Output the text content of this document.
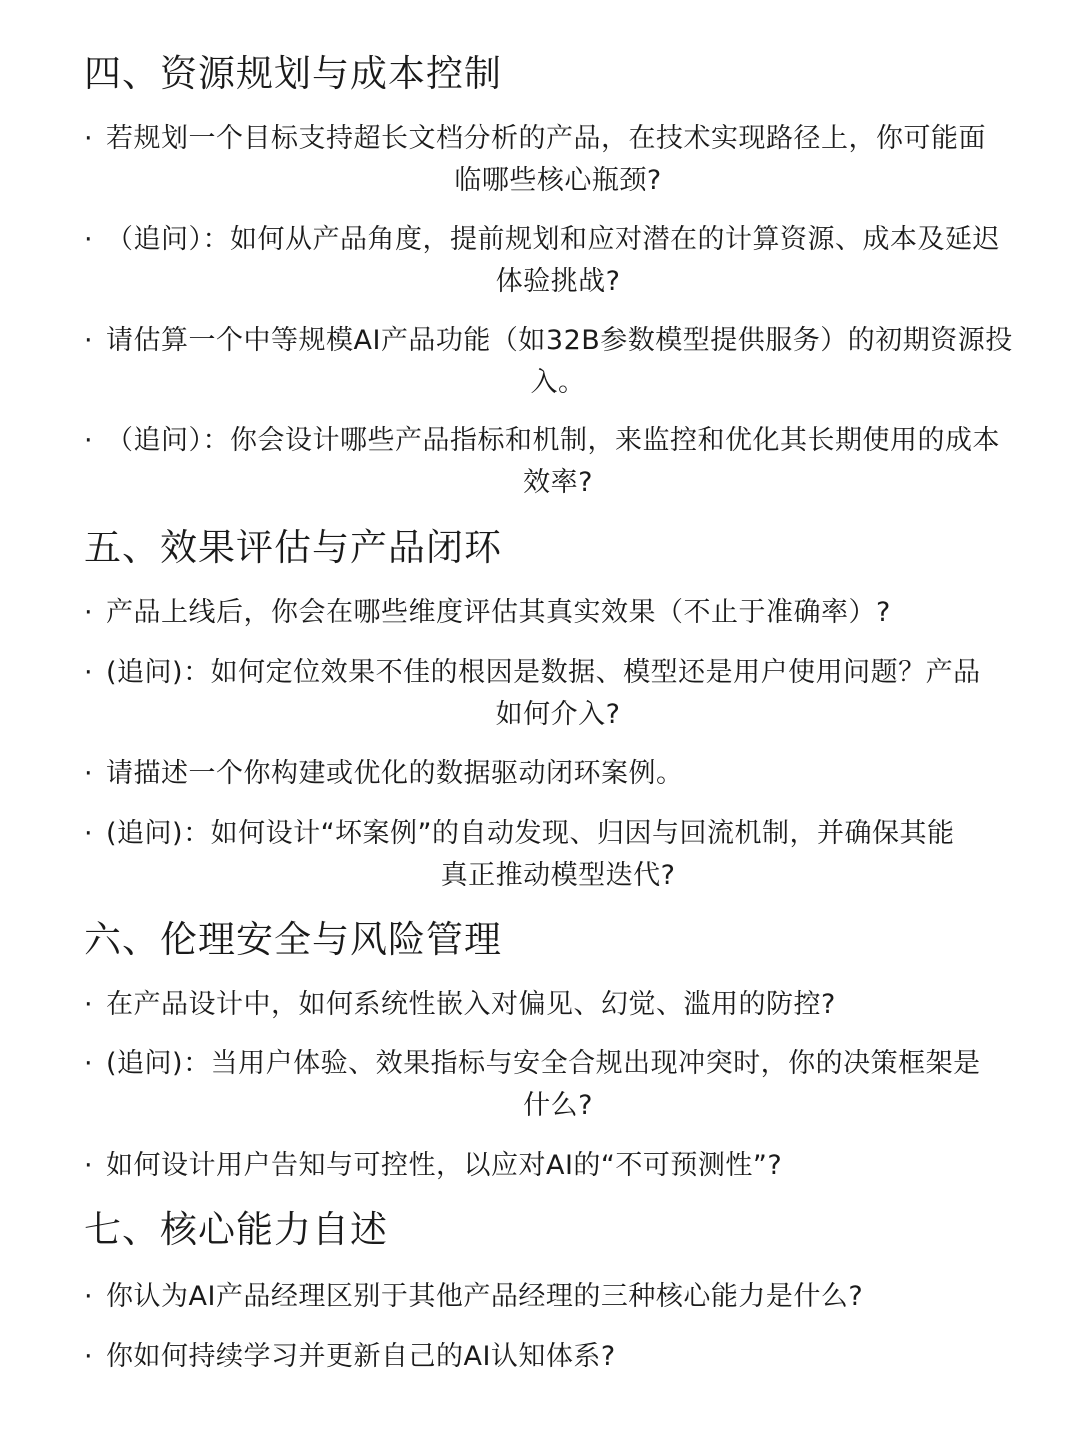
四、资源规划与成本控制
· 若规划一个目标支持超长文档分析的产品，在技术实现路径上，你可能面
临哪些核心瓶颈?
· （追问）：如何从产品角度，提前规划和应对潜在的计算资源、成本及延迟
体验挑战?
· 请估算一个中等规模AI产品功能（如32B参数模型提供服务）的初期资源投
入。
· （追问）：你会设计哪些产品指标和机制，来监控和优化其长期使用的成本
效率?
五、效果评估与产品闭环
· 产品上线后，你会在哪些维度评估其真实效果（不止于准确率）?
· (追问)：如何定位效果不佳的根因是数据、模型还是用户使用问题？产品
如何介入?
· 请描述一个你构建或优化的数据驱动闭环案例。
· (追问)：如何设计“坏案例”的自动发现、归因与回流机制，并确保其能
真正推动模型迭代?
六、伦理安全与风险管理
· 在产品设计中，如何系统性嵌入对偏见、幻觉、滥用的防控?
· (追问)：当用户体验、效果指标与安全合规出现冲突时，你的决策框架是
什么?
· 如何设计用户告知与可控性，以应对AI的“不可预测性”?
七、核心能力自述
· 你认为AI产品经理区别于其他产品经理的三种核心能力是什么?
· 你如何持续学习并更新自己的AI认知体系?
